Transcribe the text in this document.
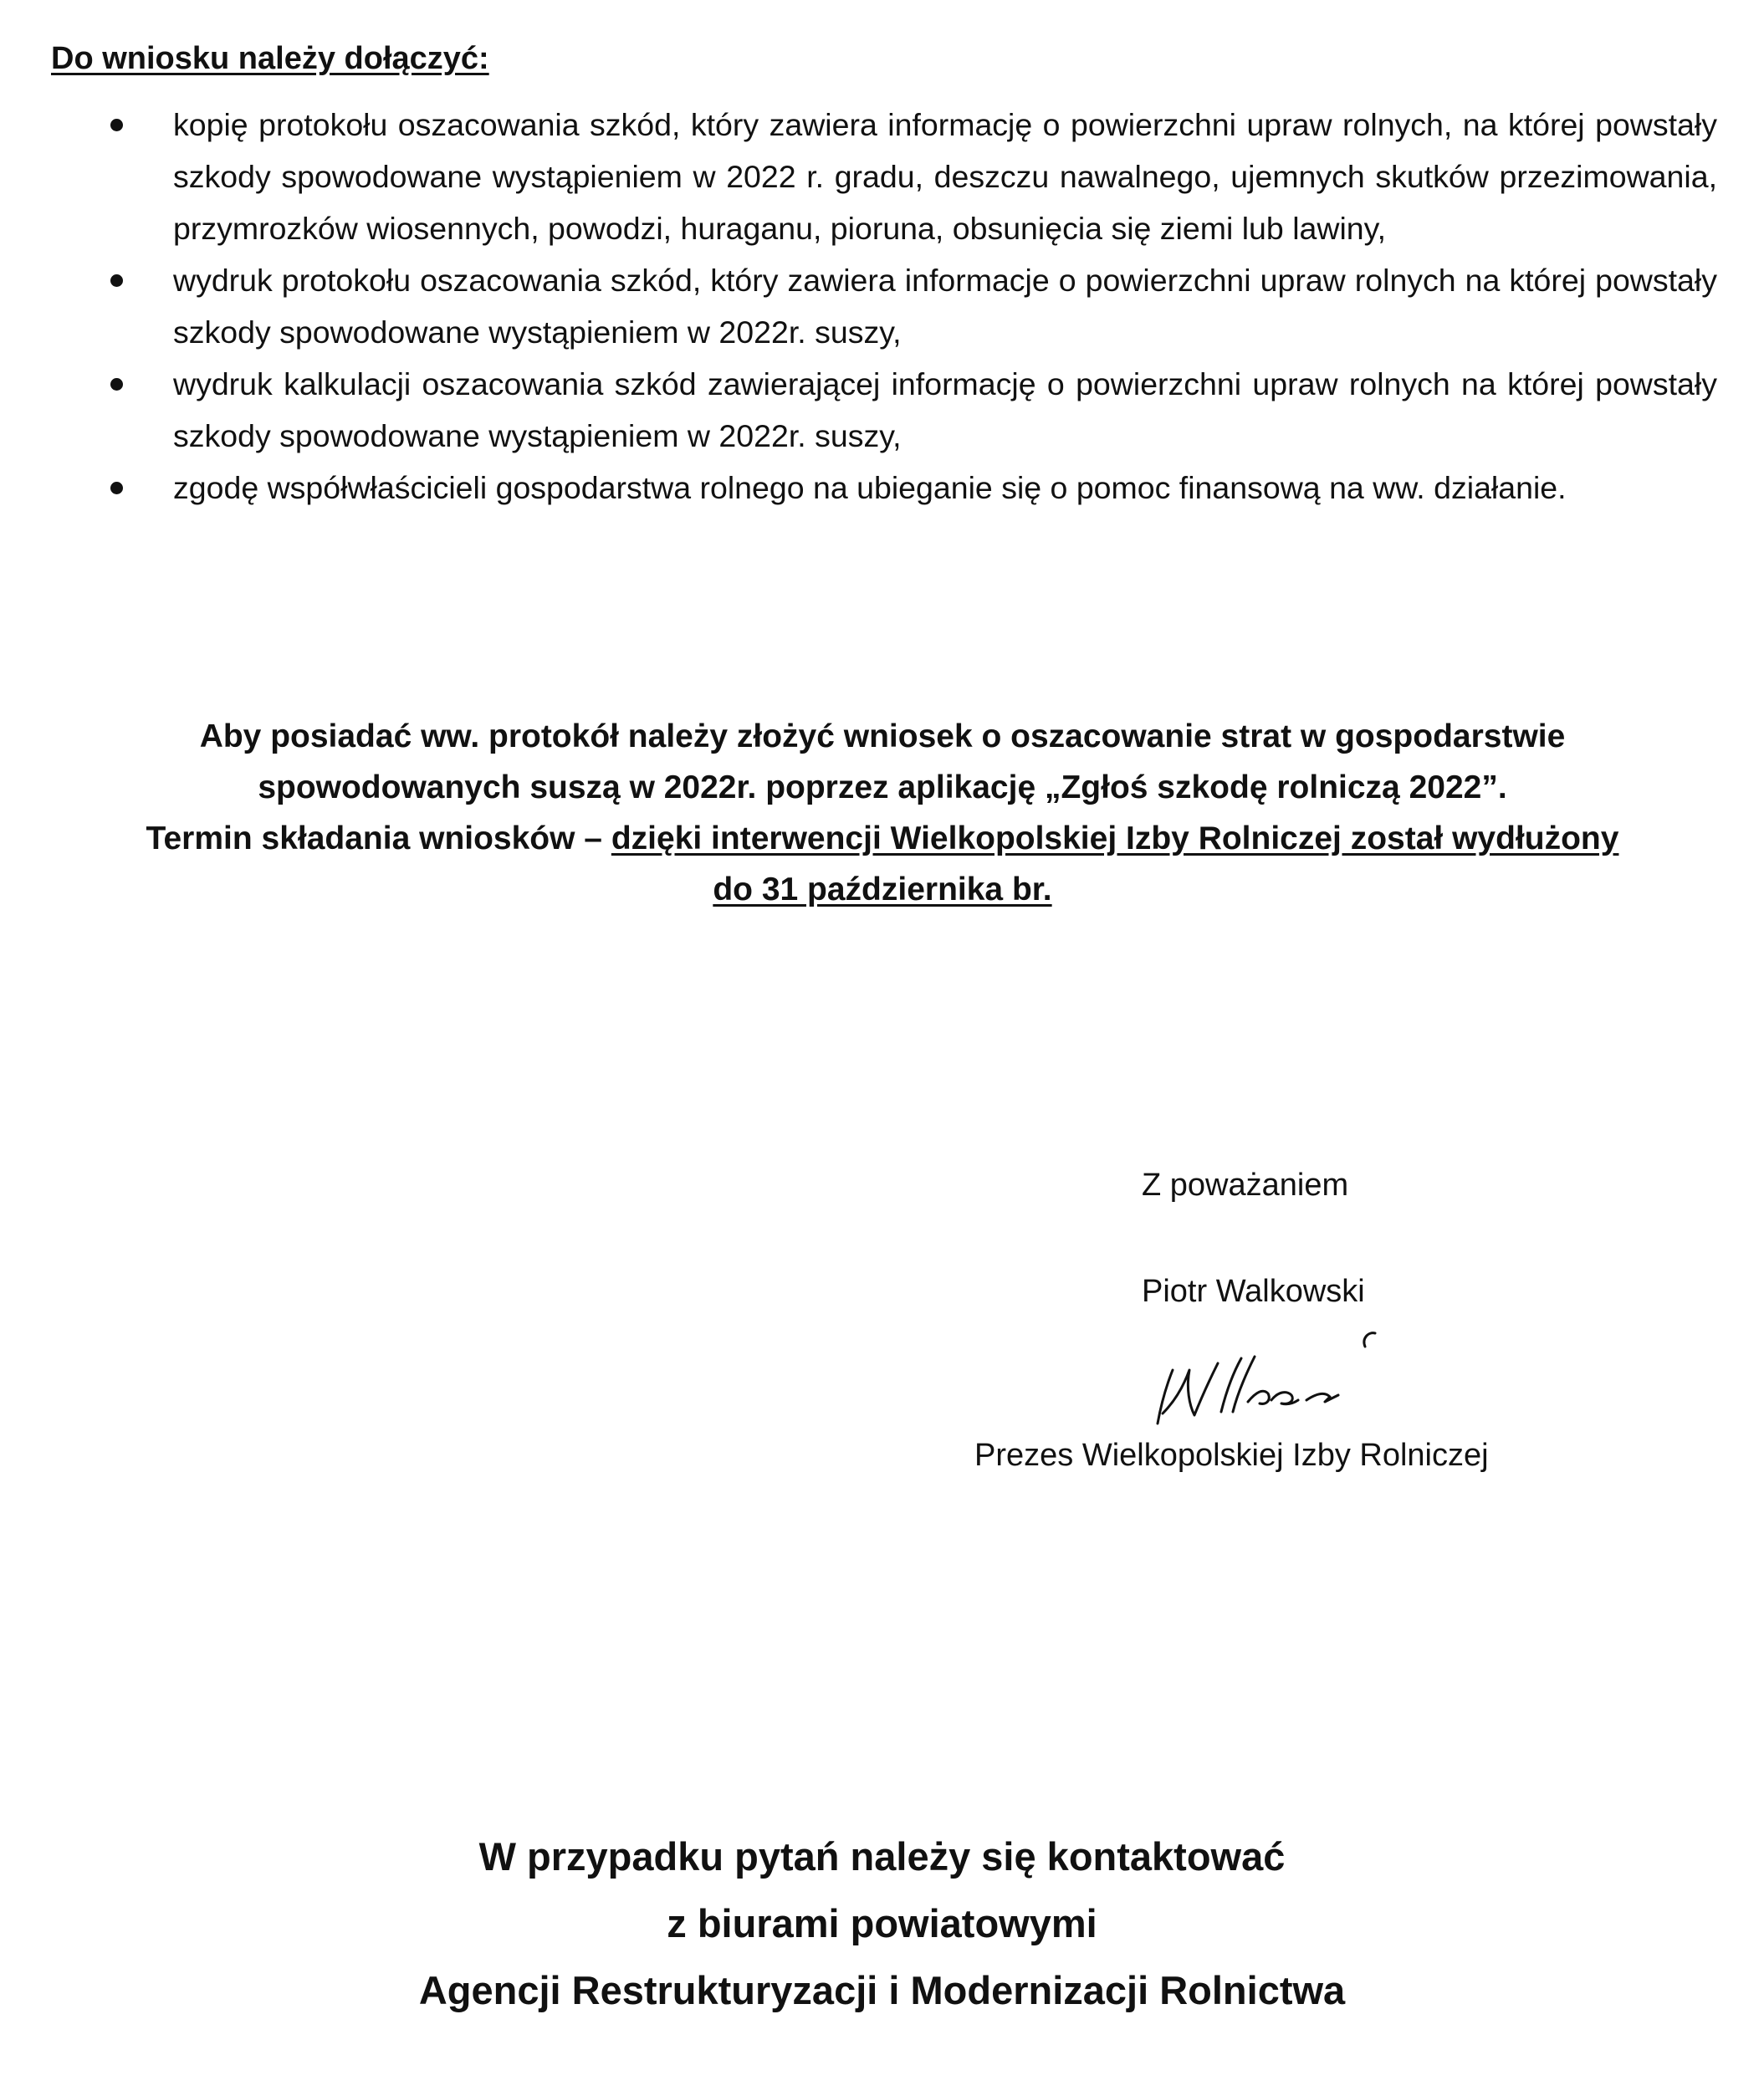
Do wniosku należy dołączyć:
kopię protokołu oszacowania szkód, który zawiera informację o powierzchni upraw rolnych, na której powstały szkody spowodowane wystąpieniem w 2022 r. gradu, deszczu nawalnego, ujemnych skutków przezimowania, przymrozków wiosennych, powodzi, huraganu, pioruna, obsunięcia się ziemi lub lawiny,
wydruk protokołu oszacowania szkód, który zawiera informacje o powierzchni upraw rolnych na której powstały szkody spowodowane wystąpieniem w 2022r. suszy,
wydruk kalkulacji oszacowania szkód zawierającej informację o powierzchni upraw rolnych na której powstały szkody spowodowane wystąpieniem w 2022r. suszy,
zgodę współwłaścicieli gospodarstwa rolnego na ubieganie się o pomoc finansową na ww. działanie.
Aby posiadać ww. protokół należy złożyć wniosek o oszacowanie strat w gospodarstwie
spowodowanych suszą w 2022r. poprzez aplikację „Zgłoś szkodę rolniczą 2022”.
Termin składania wniosków – dzięki interwencji Wielkopolskiej Izby Rolniczej został wydłużony
do 31 października br.
Z poważaniem
Piotr Walkowski
Prezes Wielkopolskiej Izby Rolniczej
W przypadku pytań należy się kontaktować
z biurami powiatowymi
Agencji Restrukturyzacji i Modernizacji Rolnictwa
